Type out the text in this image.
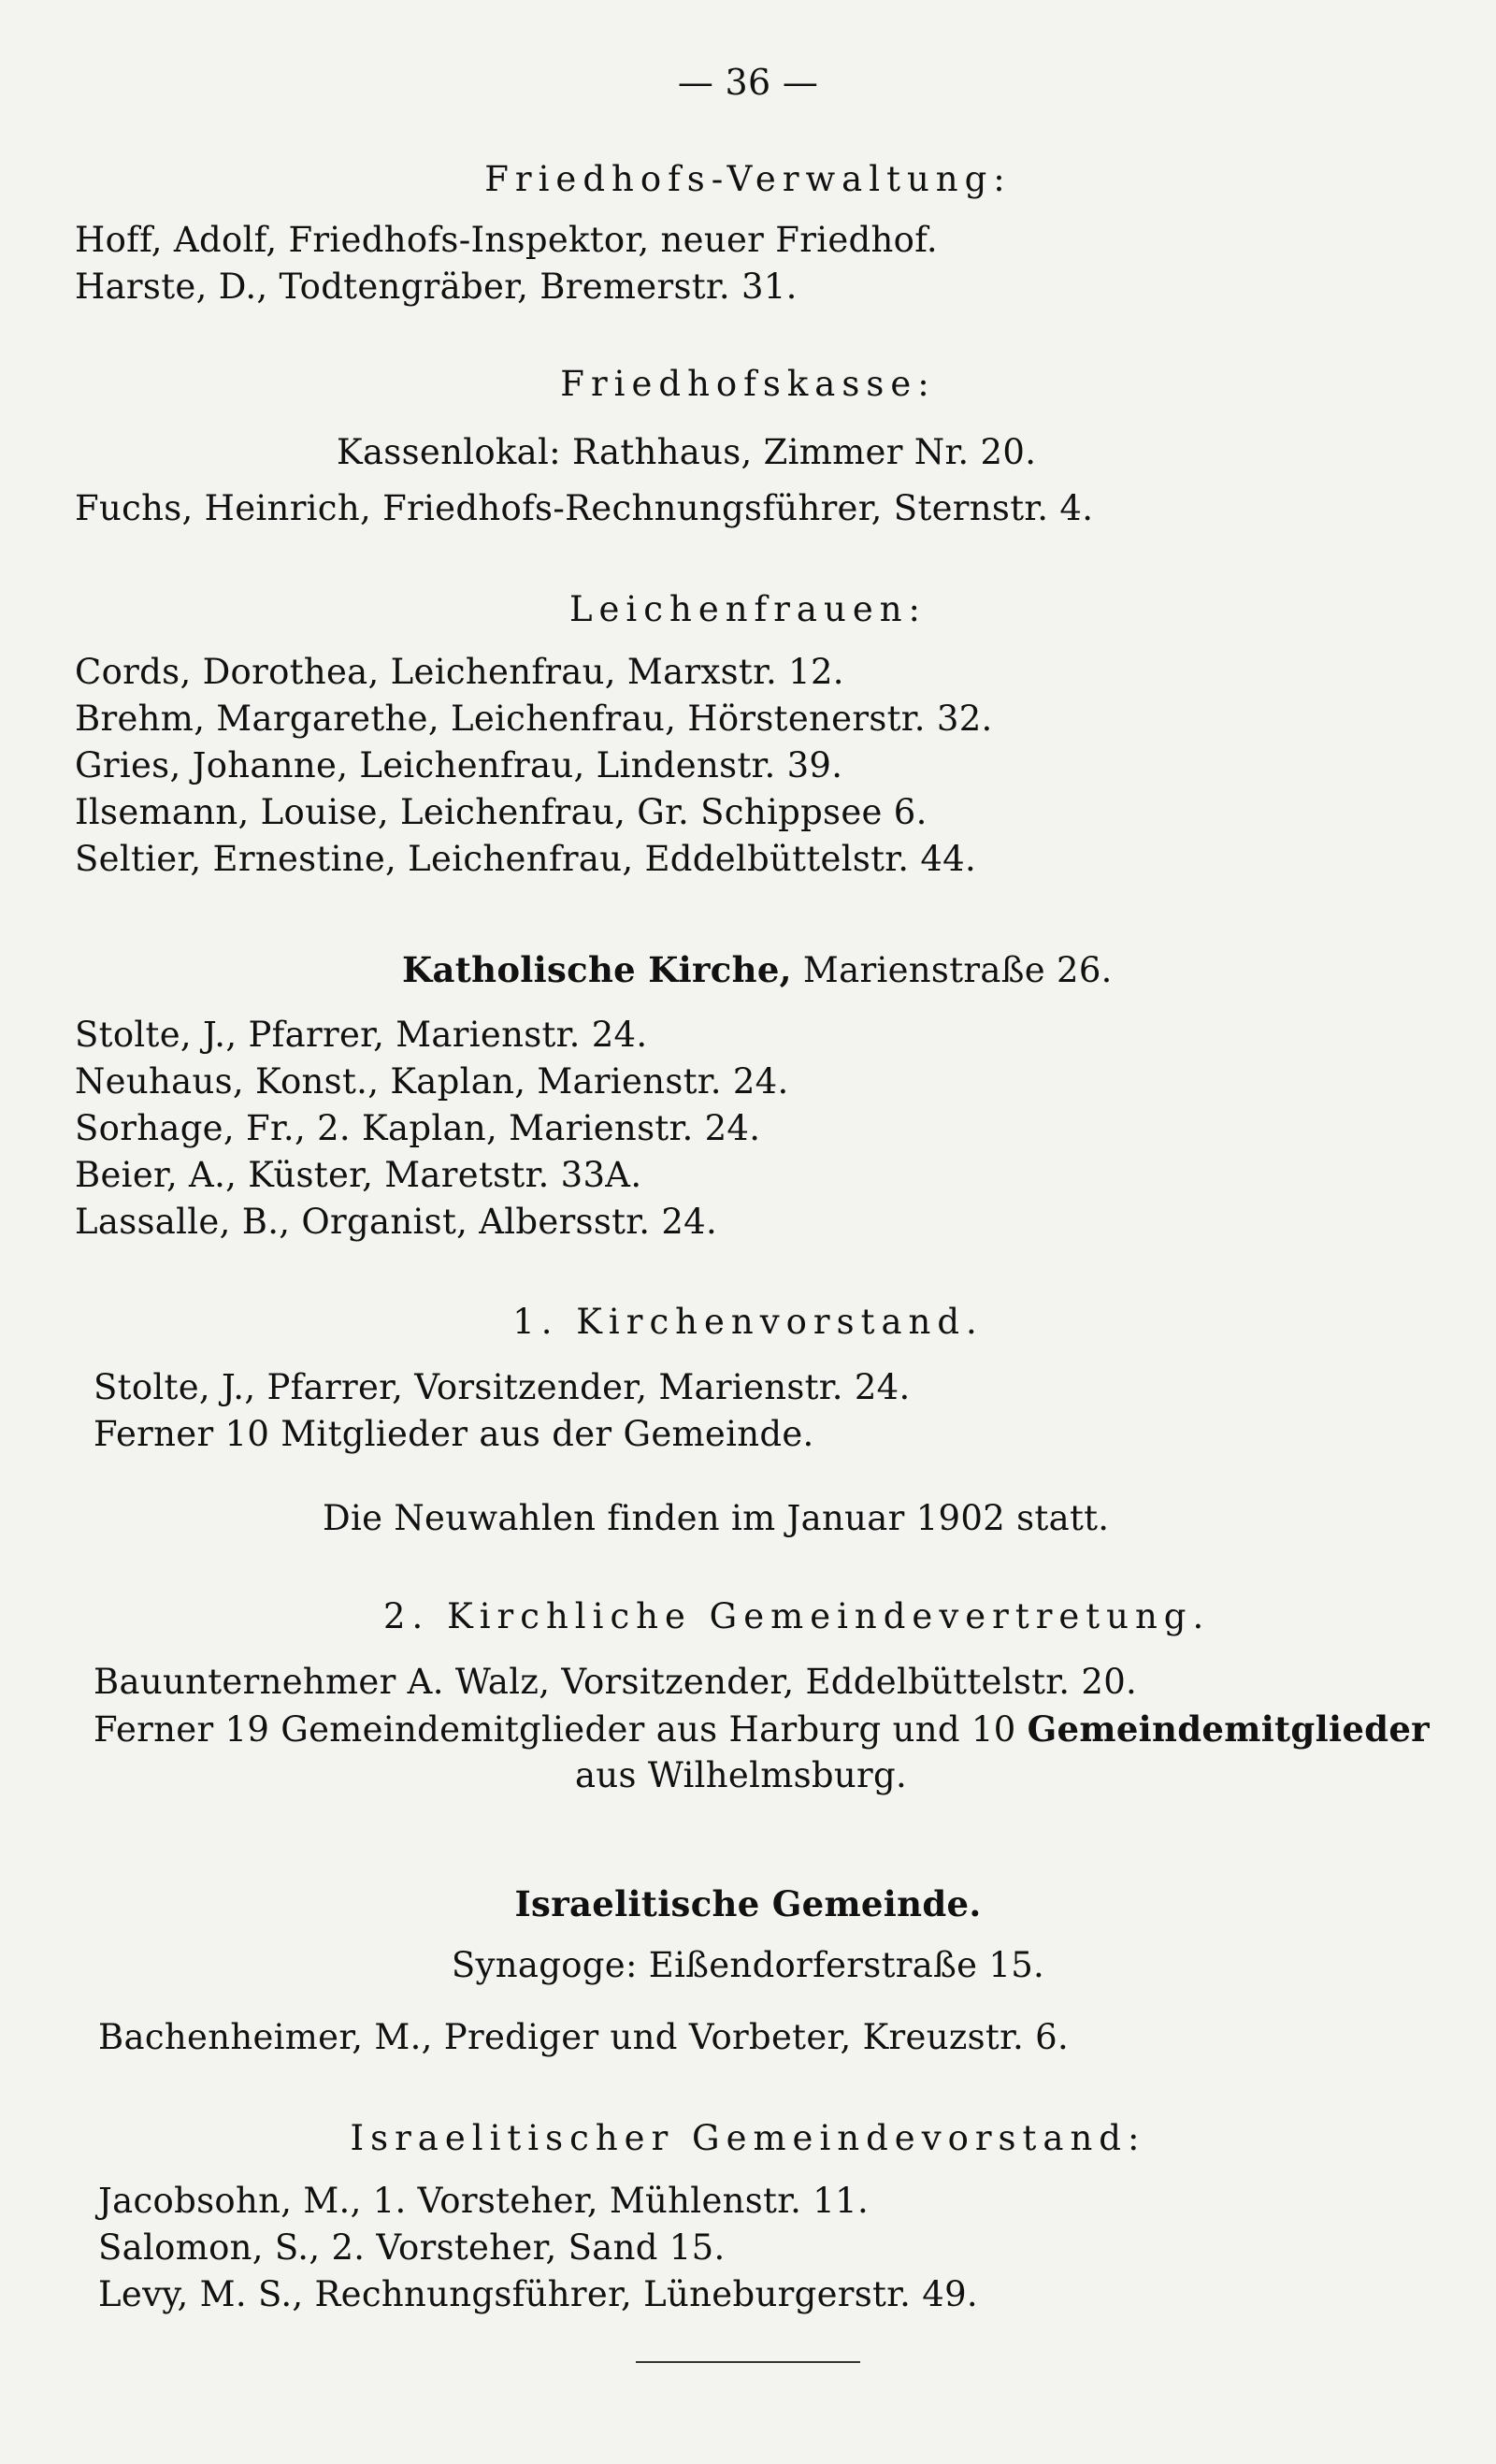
— 36 —
Friedhofs-Verwaltung:
Hoff, Adolf, Friedhofs-Inspektor, neuer Friedhof.
Harste, D., Todtengräber, Bremerstr. 31.
Friedhofskasse:
Kassenlokal: Rathhaus, Zimmer Nr. 20.
Fuchs, Heinrich, Friedhofs-Rechnungsführer, Sternstr. 4.
Leichenfrauen:
Cords, Dorothea, Leichenfrau, Marxstr. 12.
Brehm, Margarethe, Leichenfrau, Hörstenerstr. 32.
Gries, Johanne, Leichenfrau, Lindenstr. 39.
Ilsemann, Louise, Leichenfrau, Gr. Schippsee 6.
Seltier, Ernestine, Leichenfrau, Eddelbüttelstr. 44.
Katholische Kirche, Marienstraße 26.
Stolte, J., Pfarrer, Marienstr. 24.
Neuhaus, Konst., Kaplan, Marienstr. 24.
Sorhage, Fr., 2. Kaplan, Marienstr. 24.
Beier, A., Küster, Maretstr. 33A.
Lassalle, B., Organist, Albersstr. 24.
1. Kirchenvorstand.
Stolte, J., Pfarrer, Vorsitzender, Marienstr. 24.
Ferner 10 Mitglieder aus der Gemeinde.
Die Neuwahlen finden im Januar 1902 statt.
2. Kirchliche Gemeindevertretung.
Bauunternehmer A. Walz, Vorsitzender, Eddelbüttelstr. 20.
Ferner 19 Gemeindemitglieder aus Harburg und 10 Gemeindemitglieder
aus Wilhelmsburg.
Israelitische Gemeinde.
Synagoge: Eißendorferstraße 15.
Bachenheimer, M., Prediger und Vorbeter, Kreuzstr. 6.
Israelitischer Gemeindevorstand:
Jacobsohn, M., 1. Vorsteher, Mühlenstr. 11.
Salomon, S., 2. Vorsteher, Sand 15.
Levy, M. S., Rechnungsführer, Lüneburgerstr. 49.
